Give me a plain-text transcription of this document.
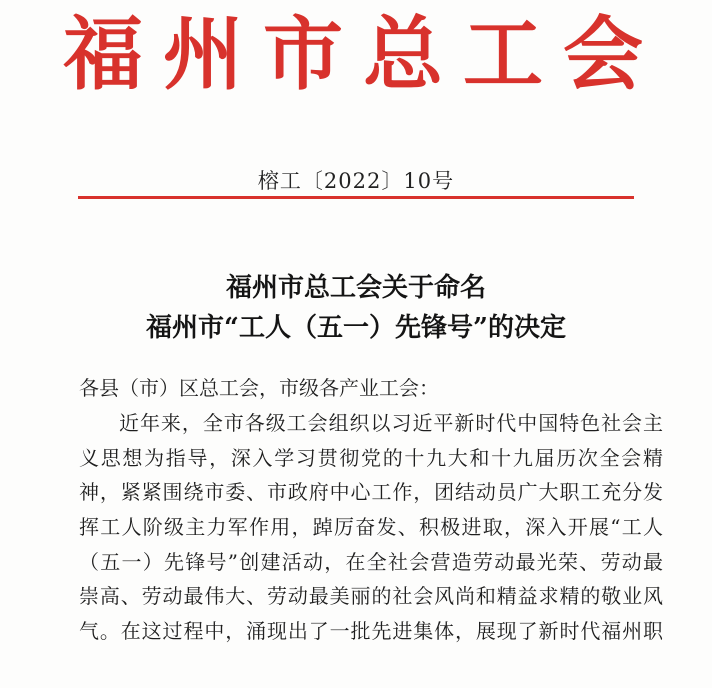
福州市总工会
榕工〔2022〕10号
福州市总工会关于命名
福州市“工人（五一）先锋号”的决定
各县（市）区总工会，市级各产业工会：
近年来，全市各级工会组织以习近平新时代中国特色社会主
义思想为指导，深入学习贯彻党的十九大和十九届历次全会精
神，紧紧围绕市委、市政府中心工作，团结动员广大职工充分发
挥工人阶级主力军作用，踔厉奋发、积极进取，深入开展“工人
（五一）先锋号”创建活动，在全社会营造劳动最光荣、劳动最
崇高、劳动最伟大、劳动最美丽的社会风尚和精益求精的敬业风
气。在这过程中，涌现出了一批先进集体，展现了新时代福州职
